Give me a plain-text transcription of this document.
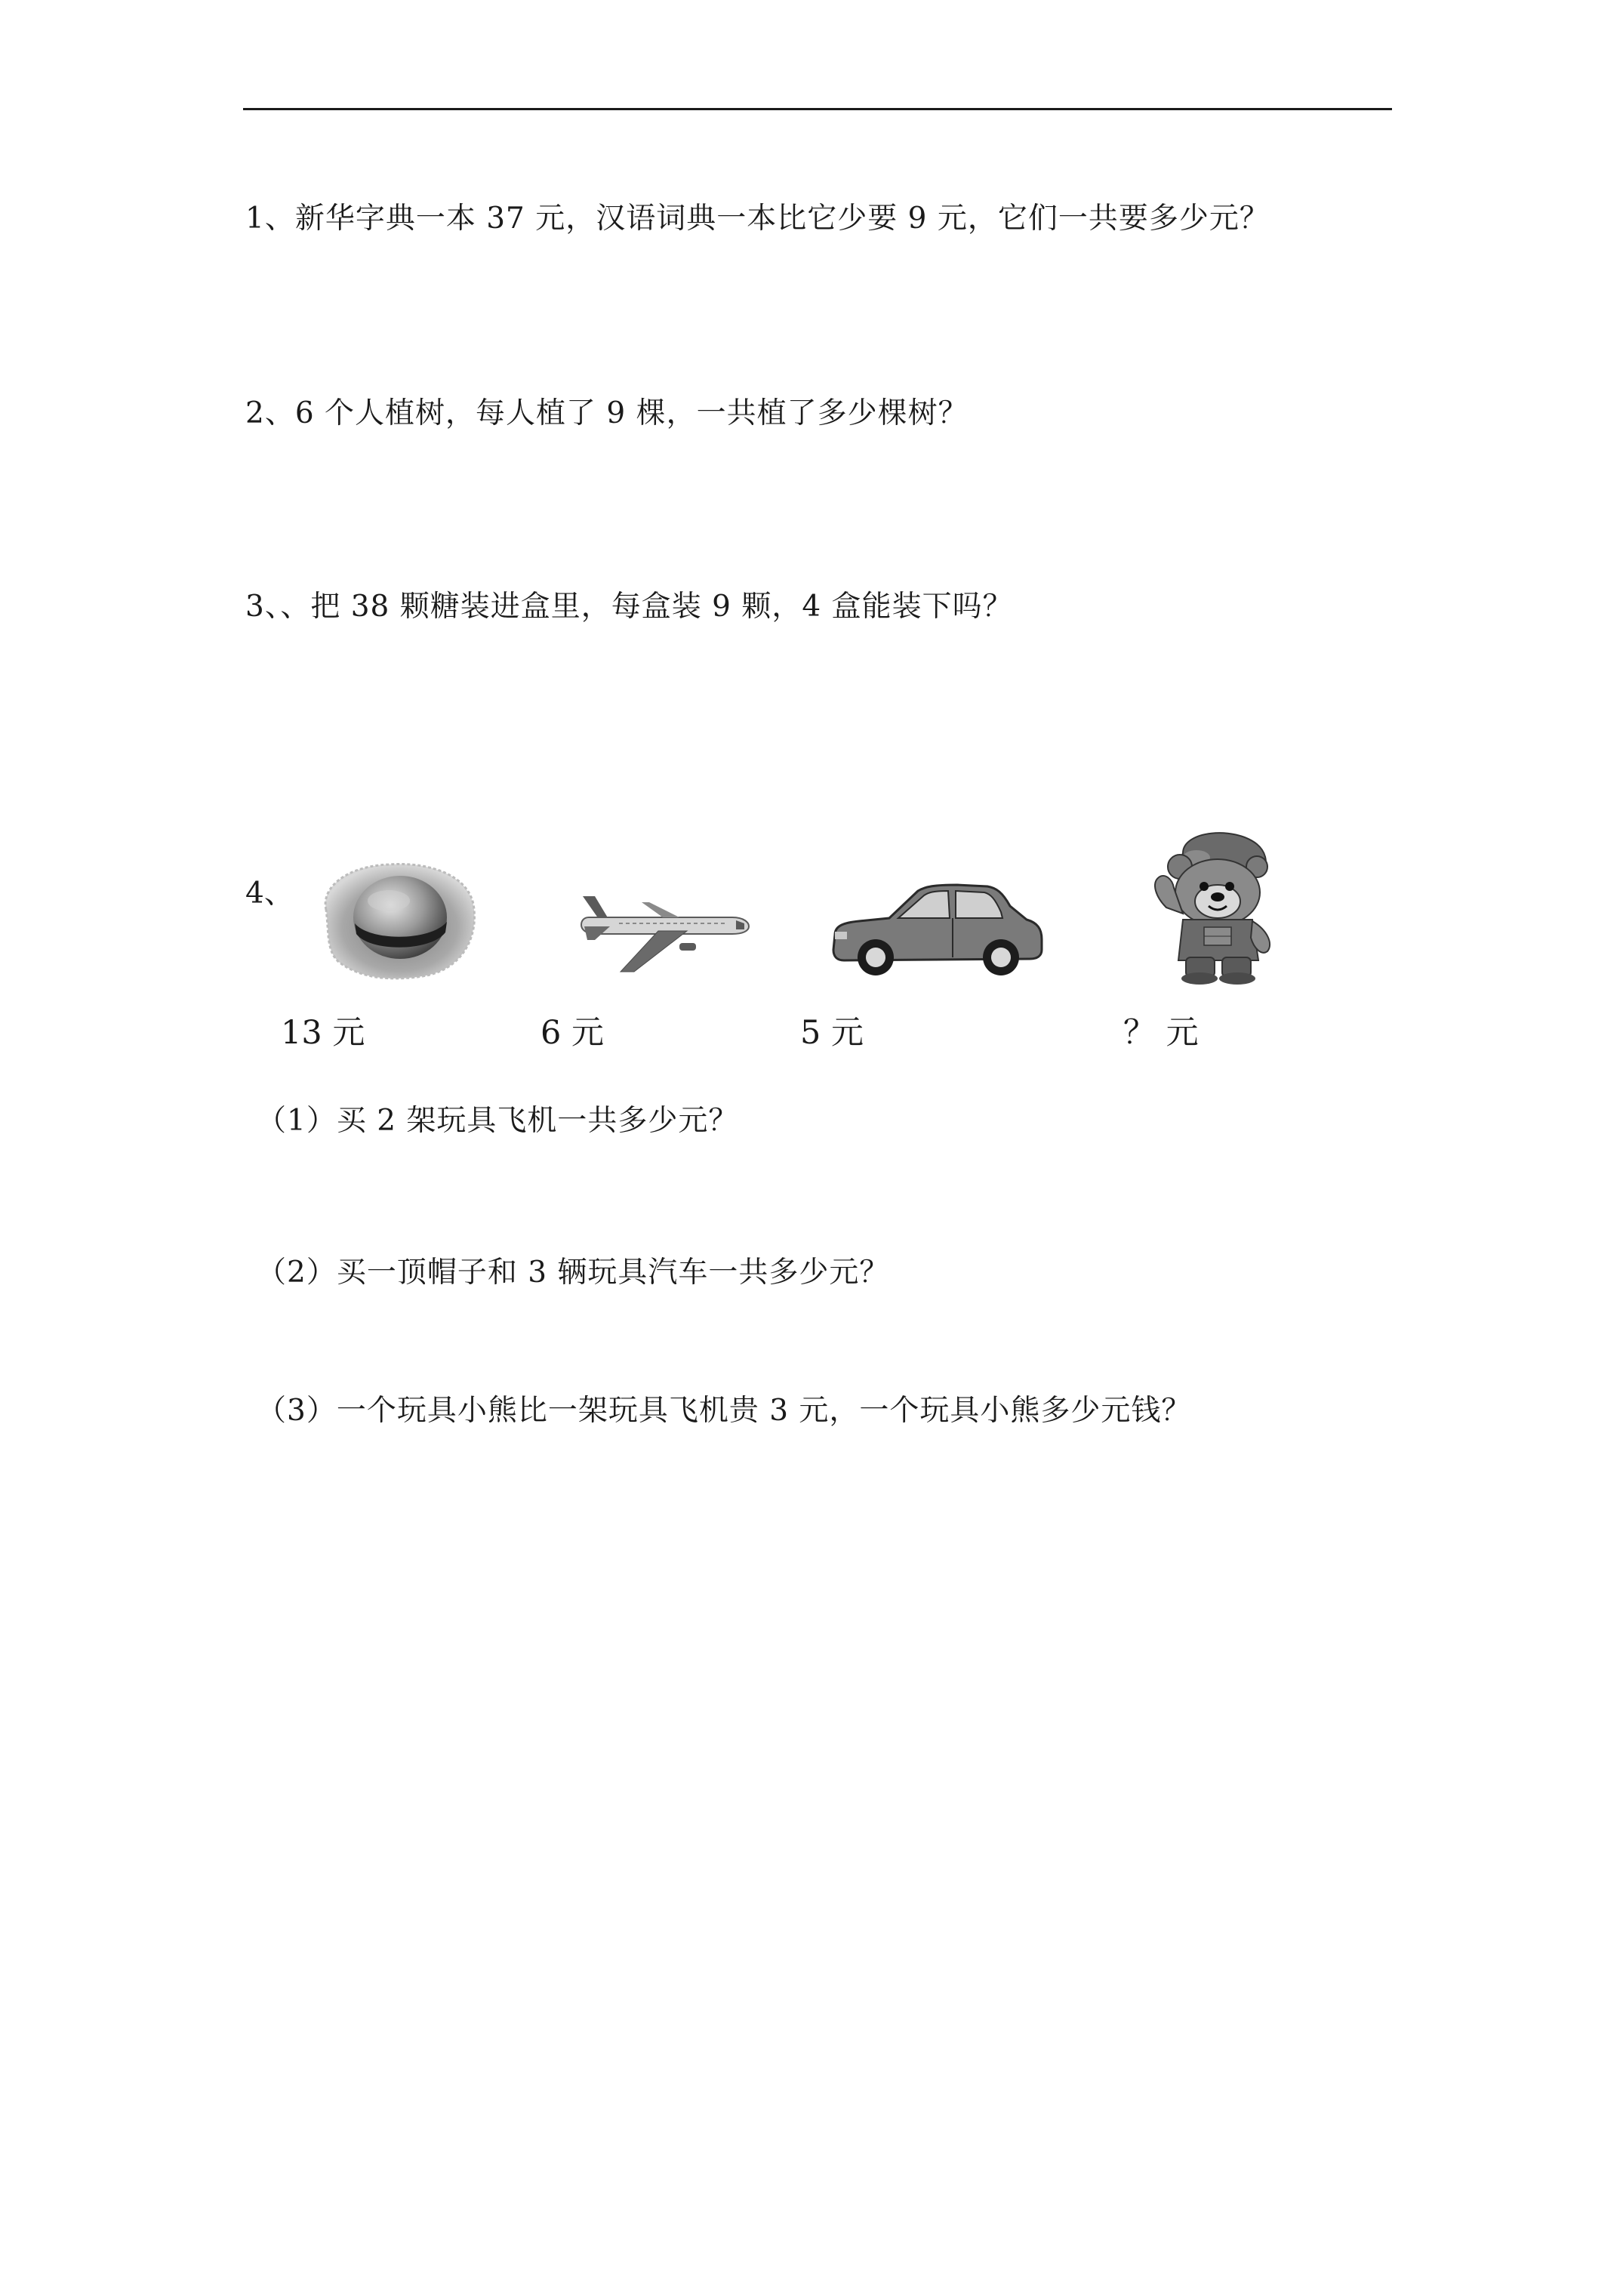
1、新华字典一本 37 元，汉语词典一本比它少要 9 元，它们一共要多少元？
2、6 个人植树，每人植了 9 棵，一共植了多少棵树？
3、、把 38 颗糖装进盒里，每盒装 9 颗，4 盒能装下吗？
4、
13 元	6 元	5 元	？ 元
（1）买 2 架玩具飞机一共多少元？
（2）买一顶帽子和 3 辆玩具汽车一共多少元？
（3）一个玩具小熊比一架玩具飞机贵 3 元，一个玩具小熊多少元钱？
